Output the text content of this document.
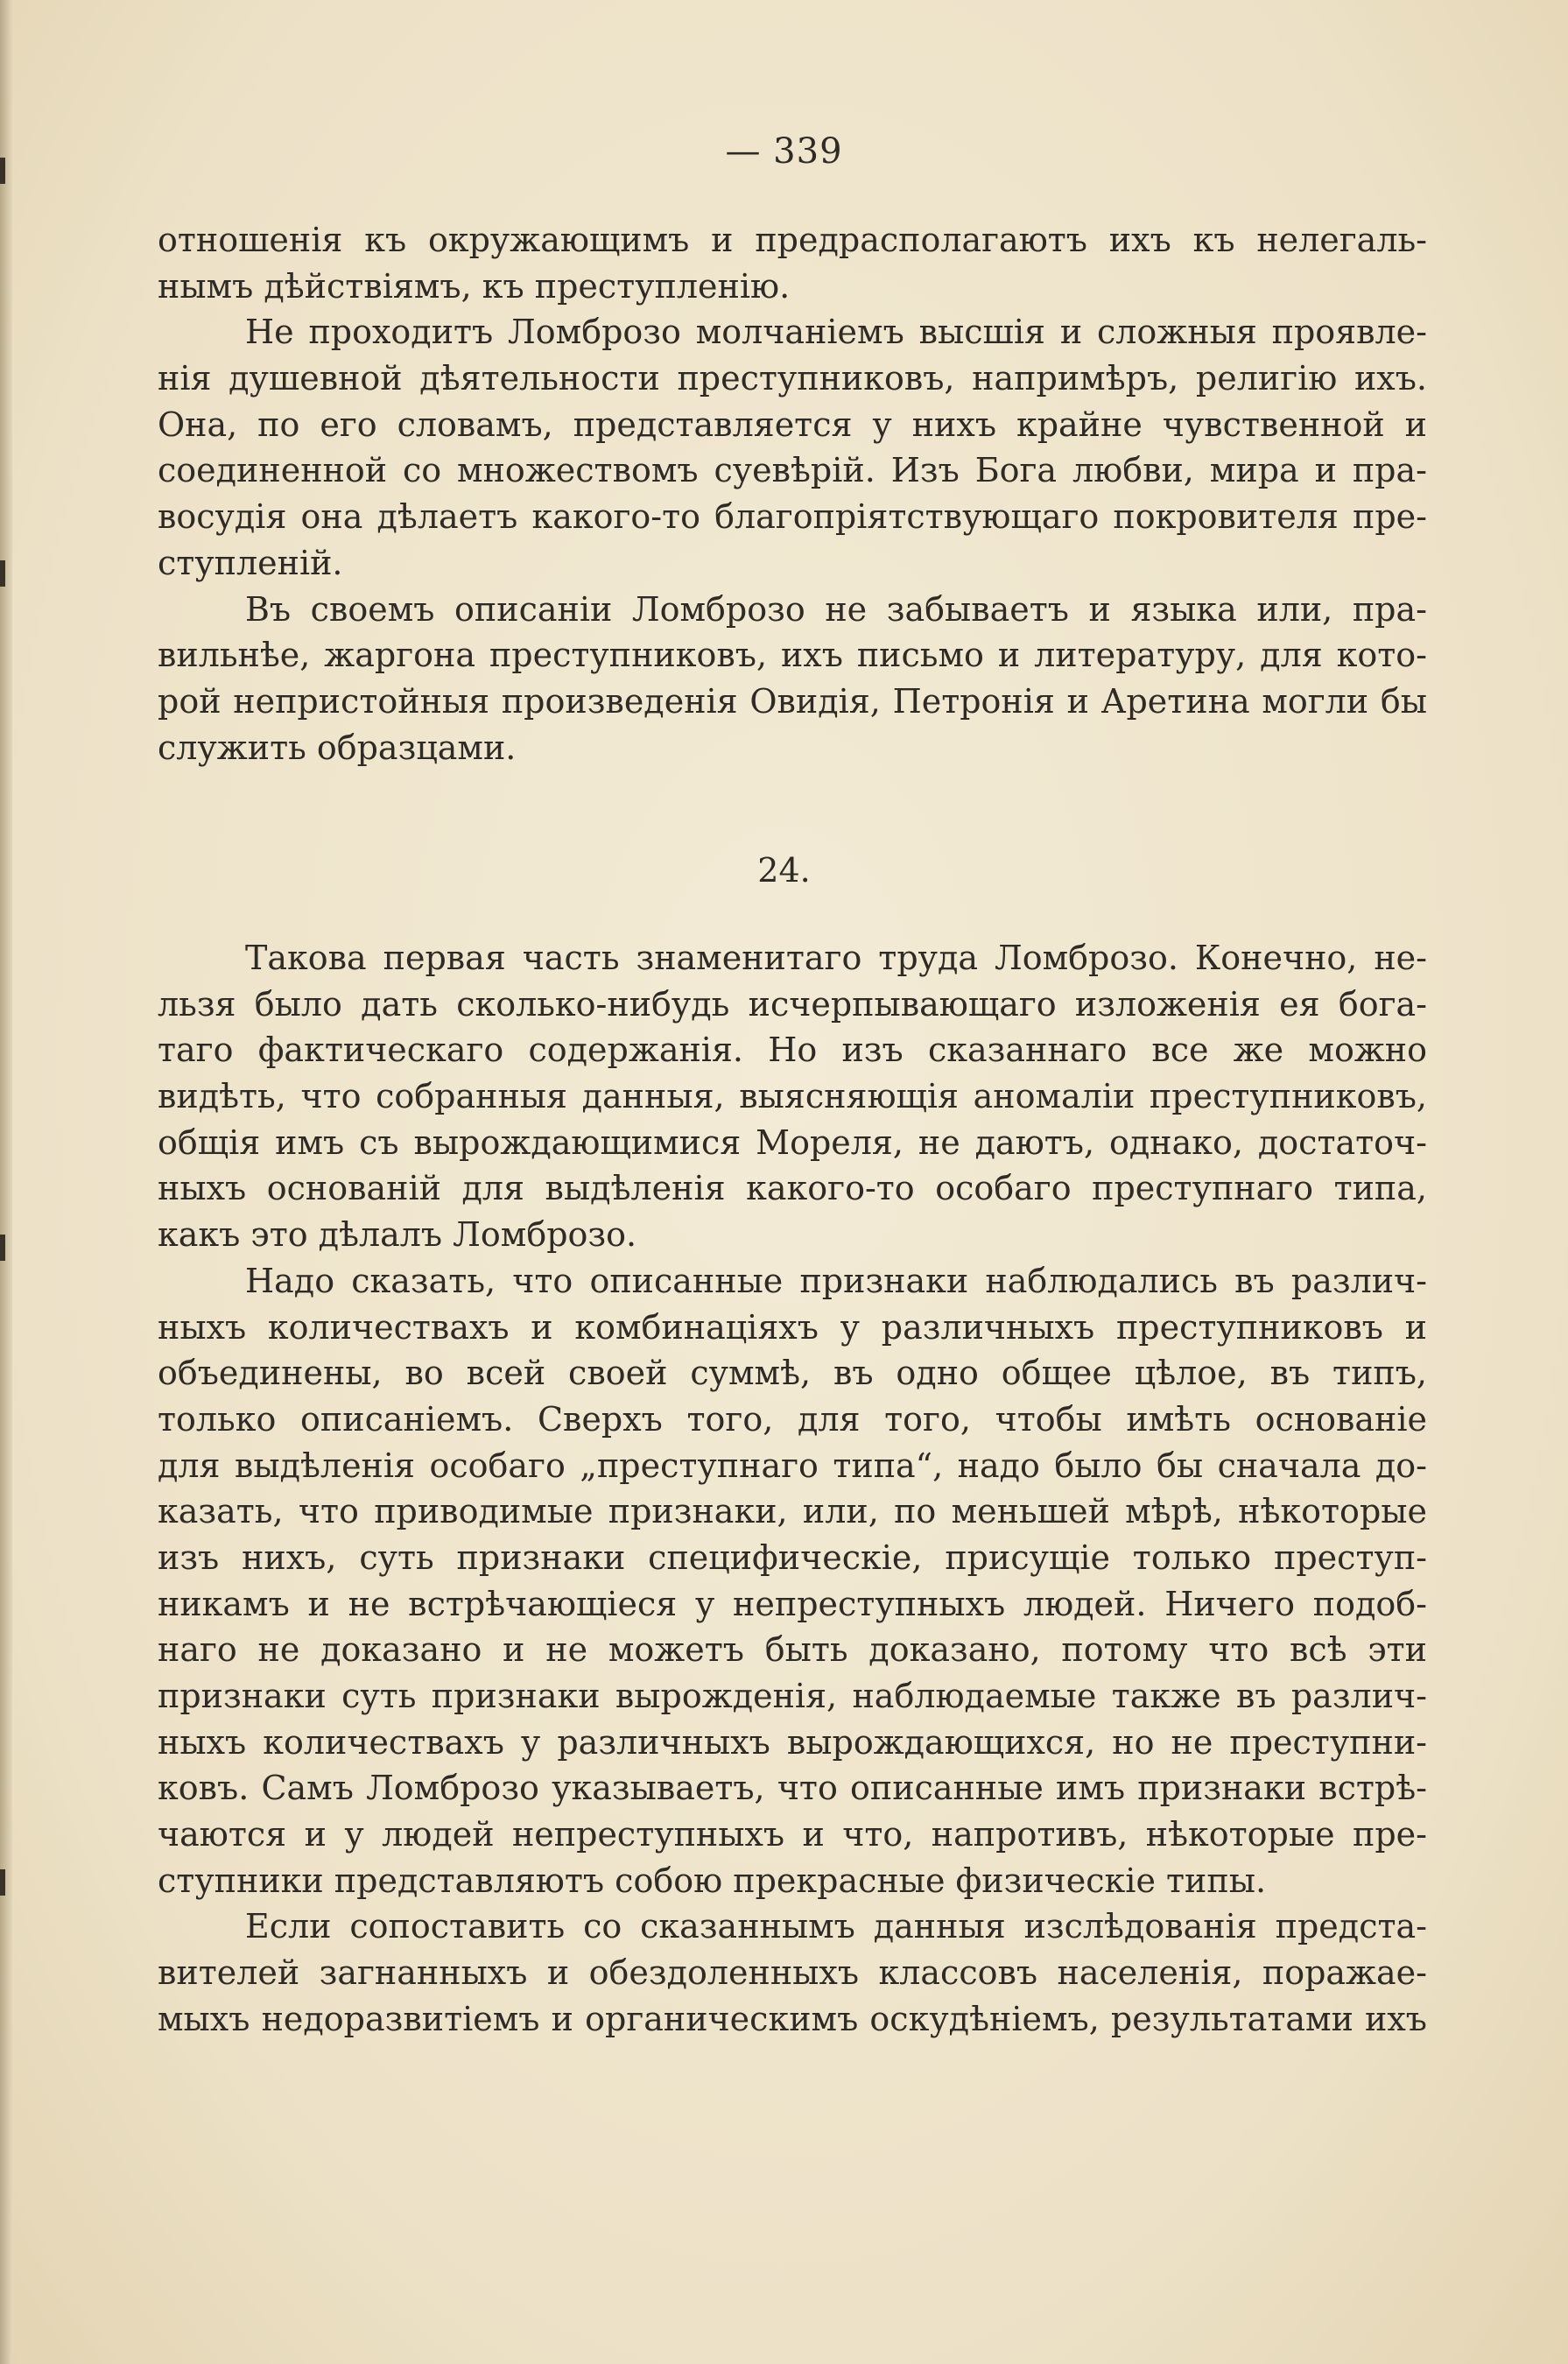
— 339
отношенія къ окружающимъ и предрасполагаютъ ихъ къ нелегаль-
нымъ дѣйствіямъ, къ преступленію.
Не проходитъ Ломброзо молчаніемъ высшія и сложныя проявле-
нія душевной дѣятельности преступниковъ, напримѣръ, религію ихъ.
Она, по его словамъ, представляется у нихъ крайне чувственной и
соединенной со множествомъ суевѣрій. Изъ Бога любви, мира и пра-
восудія она дѣлаетъ какого-то благопріятствующаго покровителя пре-
ступленій.
Въ своемъ описаніи Ломброзо не забываетъ и языка или, пра-
вильнѣе, жаргона преступниковъ, ихъ письмо и литературу, для кото-
рой непристойныя произведенія Овидія, Петронія и Аретина могли бы
служить образцами.
24.
Такова первая часть знаменитаго труда Ломброзо. Конечно, не-
льзя было дать сколько-нибудь исчерпывающаго изложенія ея бога-
таго фактическаго содержанія. Но изъ сказаннаго все же можно
видѣть, что собранныя данныя, выясняющія аномаліи преступниковъ,
общія имъ съ вырождающимися Мореля, не даютъ, однако, достаточ-
ныхъ основаній для выдѣленія какого-то особаго преступнаго типа,
какъ это дѣлалъ Ломброзо.
Надо сказать, что описанные признаки наблюдались въ различ-
ныхъ количествахъ и комбинаціяхъ у различныхъ преступниковъ и
объединены, во всей своей суммѣ, въ одно общее цѣлое, въ типъ,
только описаніемъ. Сверхъ того, для того, чтобы имѣть основаніе
для выдѣленія особаго „преступнаго типа“, надо было бы сначала до-
казать, что приводимые признаки, или, по меньшей мѣрѣ, нѣкоторые
изъ нихъ, суть признаки специфическіе, присущіе только преступ-
никамъ и не встрѣчающіеся у непреступныхъ людей. Ничего подоб-
наго не доказано и не можетъ быть доказано, потому что всѣ эти
признаки суть признаки вырожденія, наблюдаемые также въ различ-
ныхъ количествахъ у различныхъ вырождающихся, но не преступни-
ковъ. Самъ Ломброзо указываетъ, что описанные имъ признаки встрѣ-
чаются и у людей непреступныхъ и что, напротивъ, нѣкоторые пре-
ступники представляютъ собою прекрасные физическіе типы.
Если сопоставить со сказаннымъ данныя изслѣдованія предста-
вителей загнанныхъ и обездоленныхъ классовъ населенія, поражае-
мыхъ недоразвитіемъ и органическимъ оскудѣніемъ, результатами ихъ
